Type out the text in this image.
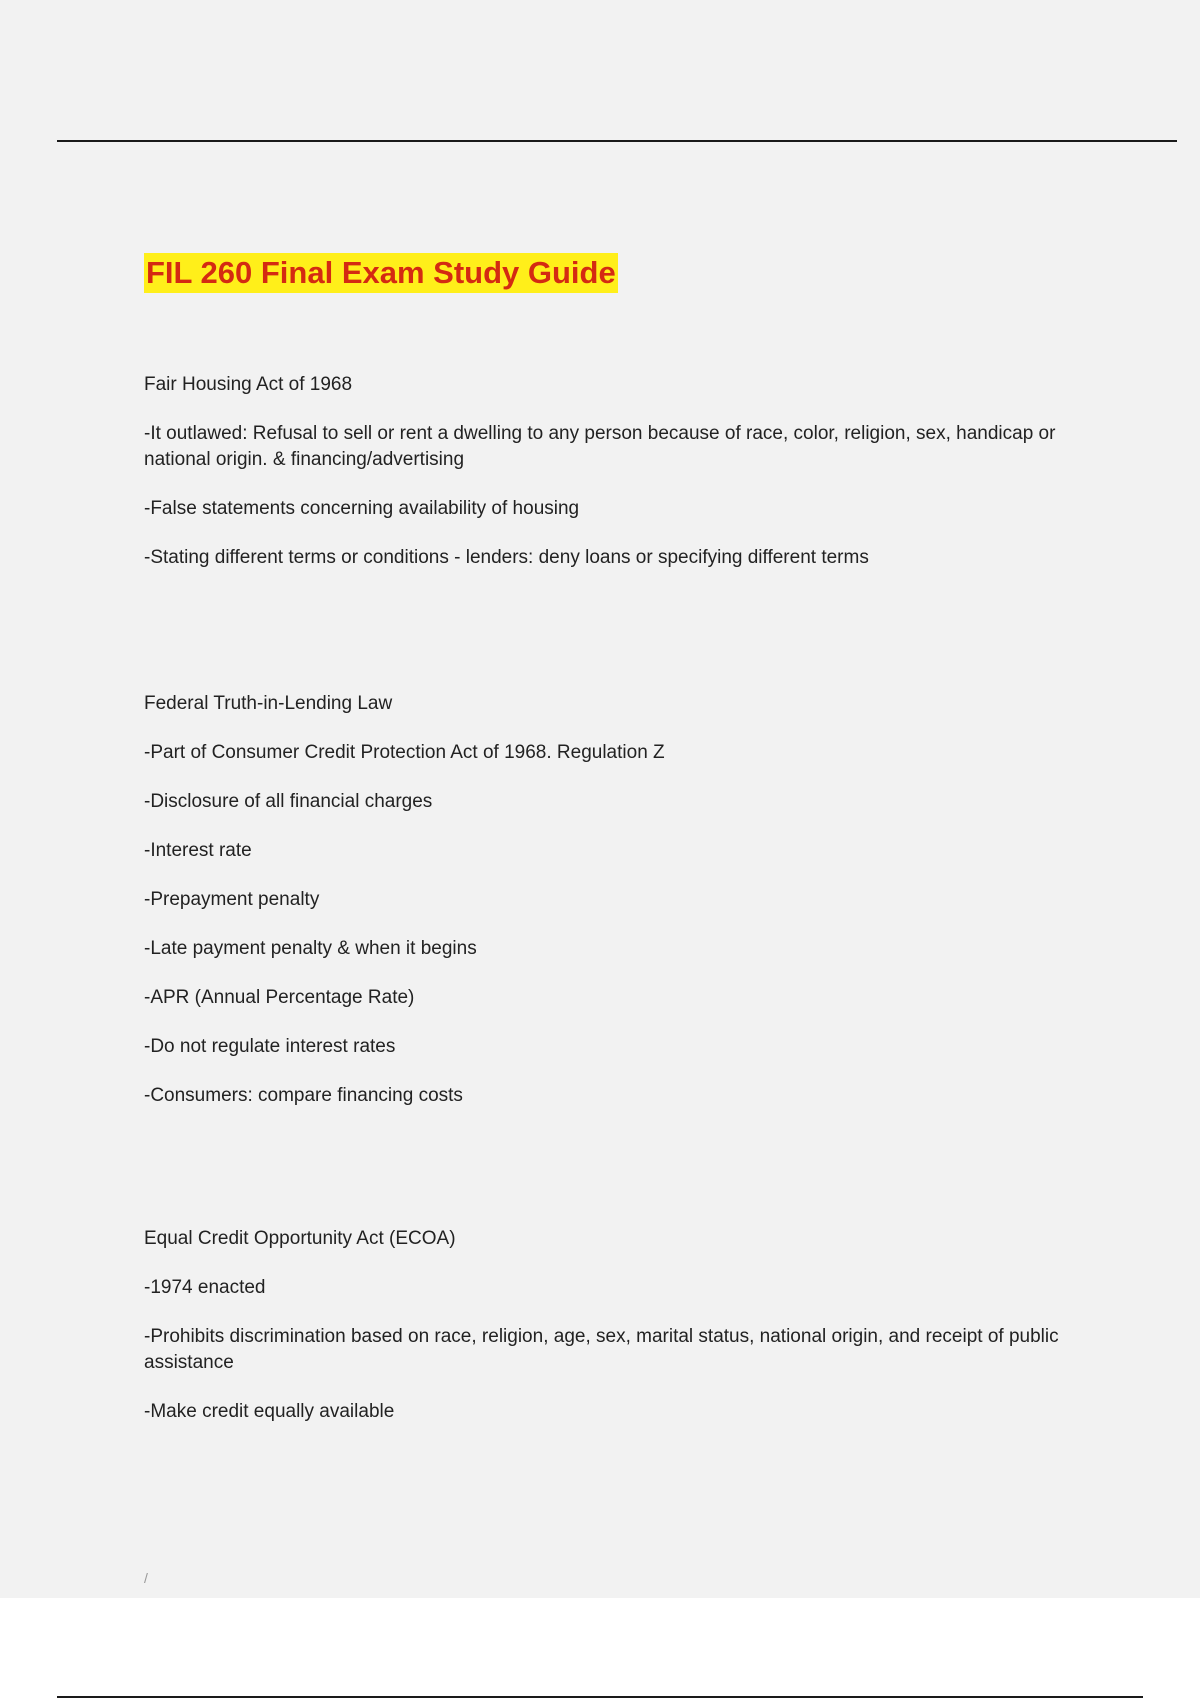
FIL 260 Final Exam Study Guide

Fair Housing Act of 1968

-It outlawed: Refusal to sell or rent a dwelling to any person because of race, color, religion, sex, handicap or national origin. & financing/advertising

-False statements concerning availability of housing

-Stating different terms or conditions - lenders: deny loans or specifying different terms

Federal Truth-in-Lending Law

-Part of Consumer Credit Protection Act of 1968. Regulation Z

-Disclosure of all financial charges

-Interest rate

-Prepayment penalty

-Late payment penalty & when it begins

-APR (Annual Percentage Rate)

-Do not regulate interest rates

-Consumers: compare financing costs

Equal Credit Opportunity Act (ECOA)

-1974 enacted

-Prohibits discrimination based on race, religion, age, sex, marital status, national origin, and receipt of public assistance

-Make credit equally available

/
